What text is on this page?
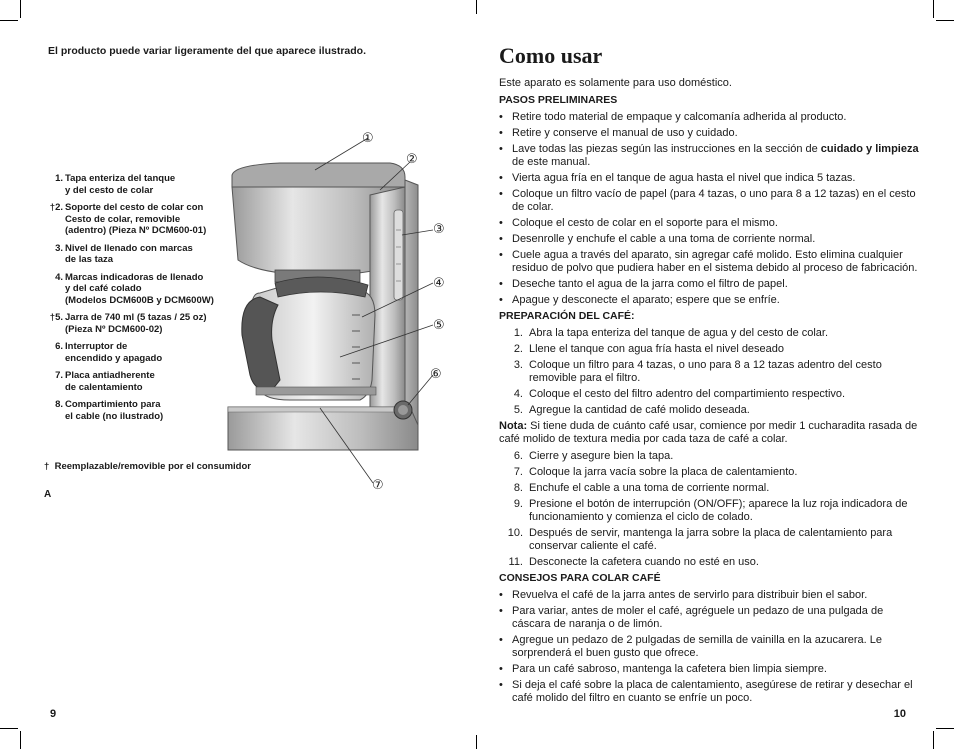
El producto puede variar ligeramente del que aparece ilustrado.
1. Tapa enteriza del tanque
y del cesto de colar
†2. Soporte del cesto de colar con
Cesto de colar, removible
(adentro) (Pieza Nº DCM600-01)
3. Nivel de llenado con marcas
de las taza
4. Marcas indicadoras de llenado
y del café colado
(Modelos DCM600B y DCM600W)
†5. Jarra de 740 ml (5 tazas / 25 oz)
(Pieza Nº DCM600-02)
6. Interruptor de
encendido y apagado
7. Placa antiadherente
de calentamiento
8. Compartimiento para
el cable (no ilustrado)
† Reemplazable/removible por el consumidor
A
9
①
②
③
④
⑤
⑥
⑦
Como usar

Este aparato es solamente para uso doméstico.

PASOS PRELIMINARES
• Retire todo material de empaque y calcomanía adherida al producto.
• Retire y conserve el manual de uso y cuidado.
• Lave todas las piezas según las instrucciones en la sección de cuidado y limpieza de este manual.
• Vierta agua fría en el tanque de agua hasta el nivel que indica 5 tazas.
• Coloque un filtro vacío de papel (para 4 tazas, o uno para 8 a 12 tazas) en el cesto de colar.
• Coloque el cesto de colar en el soporte para el mismo.
• Desenrolle y enchufe el cable a una toma de corriente normal.
• Cuele agua a través del aparato, sin agregar café molido. Esto elimina cualquier residuo de polvo que pudiera haber en el sistema debido al proceso de fabricación.
• Deseche tanto el agua de la jarra como el filtro de papel.
• Apague y desconecte el aparato; espere que se enfríe.
PREPARACIÓN DEL CAFÉ:
1. Abra la tapa enteriza del tanque de agua y del cesto de colar.
2. Llene el tanque con agua fría hasta el nivel deseado
3. Coloque un filtro para 4 tazas, o uno para 8 a 12 tazas adentro del cesto removible para el filtro.
4. Coloque el cesto del filtro adentro del compartimiento respectivo.
5. Agregue la cantidad de café molido deseada.

Nota: Si tiene duda de cuánto café usar, comience por medir 1 cucharadita rasada de café molido de textura media por cada taza de café a colar.

6. Cierre y asegure bien la tapa.
7. Coloque la jarra vacía sobre la placa de calentamiento.
8. Enchufe el cable a una toma de corriente normal.
9. Presione el botón de interrupción (ON/OFF); aparece la luz roja indicadora de funcionamiento y comienza el ciclo de colado.
10. Después de servir, mantenga la jarra sobre la placa de calentamiento para conservar caliente el café.
11. Desconecte la cafetera cuando no esté en uso.
CONSEJOS PARA COLAR CAFÉ
• Revuelva el café de la jarra antes de servirlo para distribuir bien el sabor.
• Para variar, antes de moler el café, agréguele un pedazo de una pulgada de cáscara de naranja o de limón.
• Agregue un pedazo de 2 pulgadas de semilla de vainilla en la azucarera. Le sorprenderá el buen gusto que ofrece.
• Para un café sabroso, mantenga la cafetera bien limpia siempre.
• Si deja el café sobre la placa de calentamiento, asegúrese de retirar y desechar el café molido del filtro en cuanto se enfríe un poco.
10
